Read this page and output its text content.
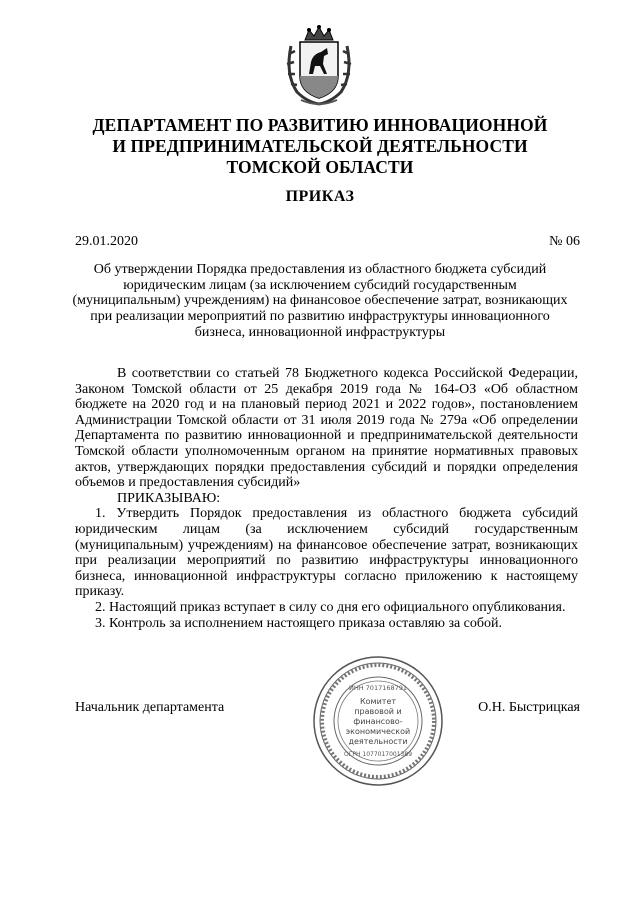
ДЕПАРТАМЕНТ ПО РАЗВИТИЮ ИННОВАЦИОННОЙ
И ПРЕДПРИНИМАТЕЛЬСКОЙ ДЕЯТЕЛЬНОСТИ
ТОМСКОЙ ОБЛАСТИ
ПРИКАЗ
29.01.2020	№ 06
Об утверждении Порядка предоставления из областного бюджета субсидий
юридическим лицам (за исключением субсидий государственным
(муниципальным) учреждениям) на финансовое обеспечение затрат, возникающих
при реализации мероприятий по развитию инфраструктуры инновационного
бизнеса, инновационной инфраструктуры

В соответствии со статьей 78 Бюджетного кодекса Российской Федерации, Законом Томской области от 25 декабря 2019 года № 164-ОЗ «Об областном бюджете на 2020 год и на плановый период 2021 и 2022 годов», постановлением Администрации Томской области от 31 июля 2019 года № 279а «Об определении Департамента по развитию инновационной и предпринимательской деятельности Томской области уполномоченным органом на принятие нормативных правовых актов, утверждающих порядки предоставления субсидий и порядки определения объемов и предоставления субсидий»

ПРИКАЗЫВАЮ:

1. Утвердить Порядок предоставления из областного бюджета субсидий юридическим лицам (за исключением субсидий государственным (муниципальным) учреждениям) на финансовое обеспечение затрат, возникающих при реализации мероприятий по развитию инфраструктуры инновационного бизнеса, инновационной инфраструктуры согласно приложению к настоящему приказу.

2. Настоящий приказ вступает в силу со дня его официального опубликования.

3. Контроль за исполнением настоящего приказа оставляю за собой.

Начальник департамента	О.Н. Быстрицкая
ИНН 7017168791
Комитет
правовой и
финансово-
экономической
деятельности
ОГРН 1077017001389
